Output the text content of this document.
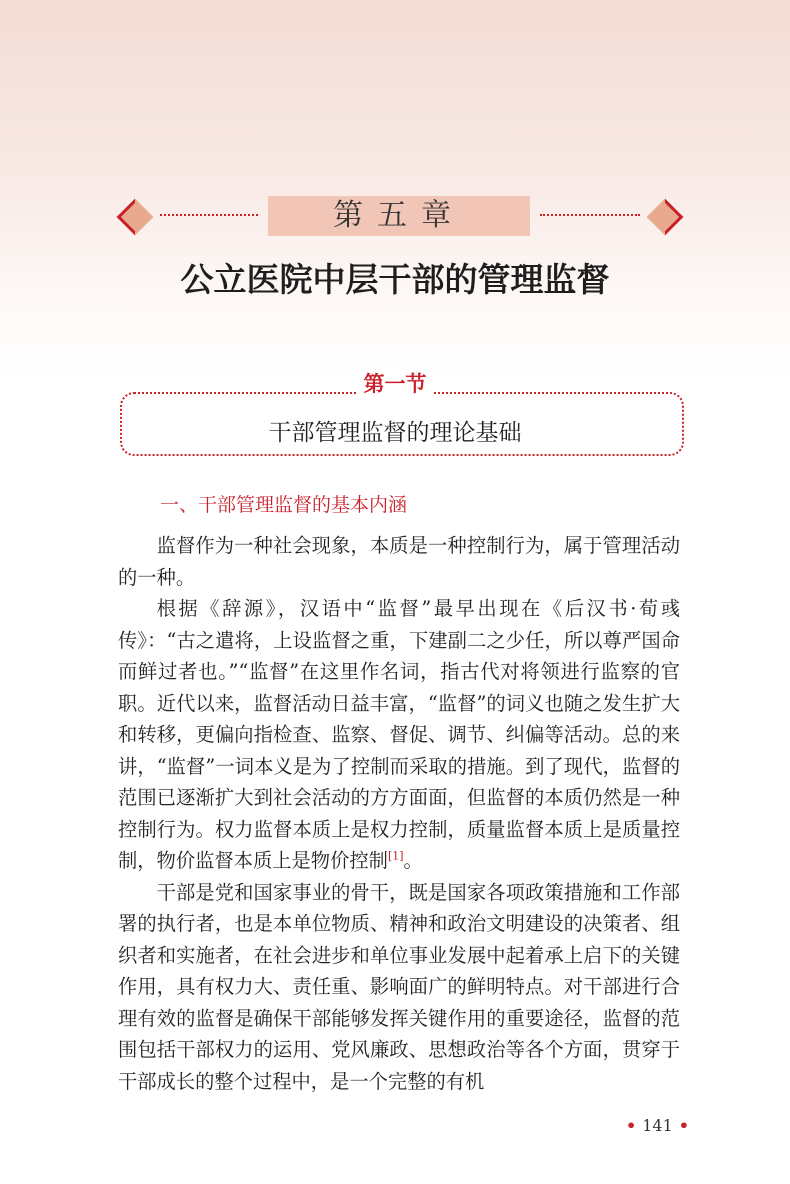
第五章
公立医院中层干部的管理监督
第一节
干部管理监督的理论基础
一、干部管理监督的基本内涵

监督作为一种社会现象，本质是一种控制行为，属于管理活动的一种。

根据《辞源》，汉语中“监督”最早出现在《后汉书·荀彧传》：“古之遣将，上设监督之重，下建副二之少任，所以尊严国命而鲜过者也。”“监督”在这里作名词，指古代对将领进行监察的官职。近代以来，监督活动日益丰富，“监督”的词义也随之发生扩大和转移，更偏向指检查、监察、督促、调节、纠偏等活动。总的来讲，“监督”一词本义是为了控制而采取的措施。到了现代，监督的范围已逐渐扩大到社会活动的方方面面，但监督的本质仍然是一种控制行为。权力监督本质上是权力控制，质量监督本质上是质量控制，物价监督本质上是物价控制[1]。

干部是党和国家事业的骨干，既是国家各项政策措施和工作部署的执行者，也是本单位物质、精神和政治文明建设的决策者、组织者和实施者，在社会进步和单位事业发展中起着承上启下的关键作用，具有权力大、责任重、影响面广的鲜明特点。对干部进行合理有效的监督是确保干部能够发挥关键作用的重要途径，监督的范围包括干部权力的运用、党风廉政、思想政治等各个方面，贯穿于干部成长的整个过程中，是一个完整的有机

• 141 •
